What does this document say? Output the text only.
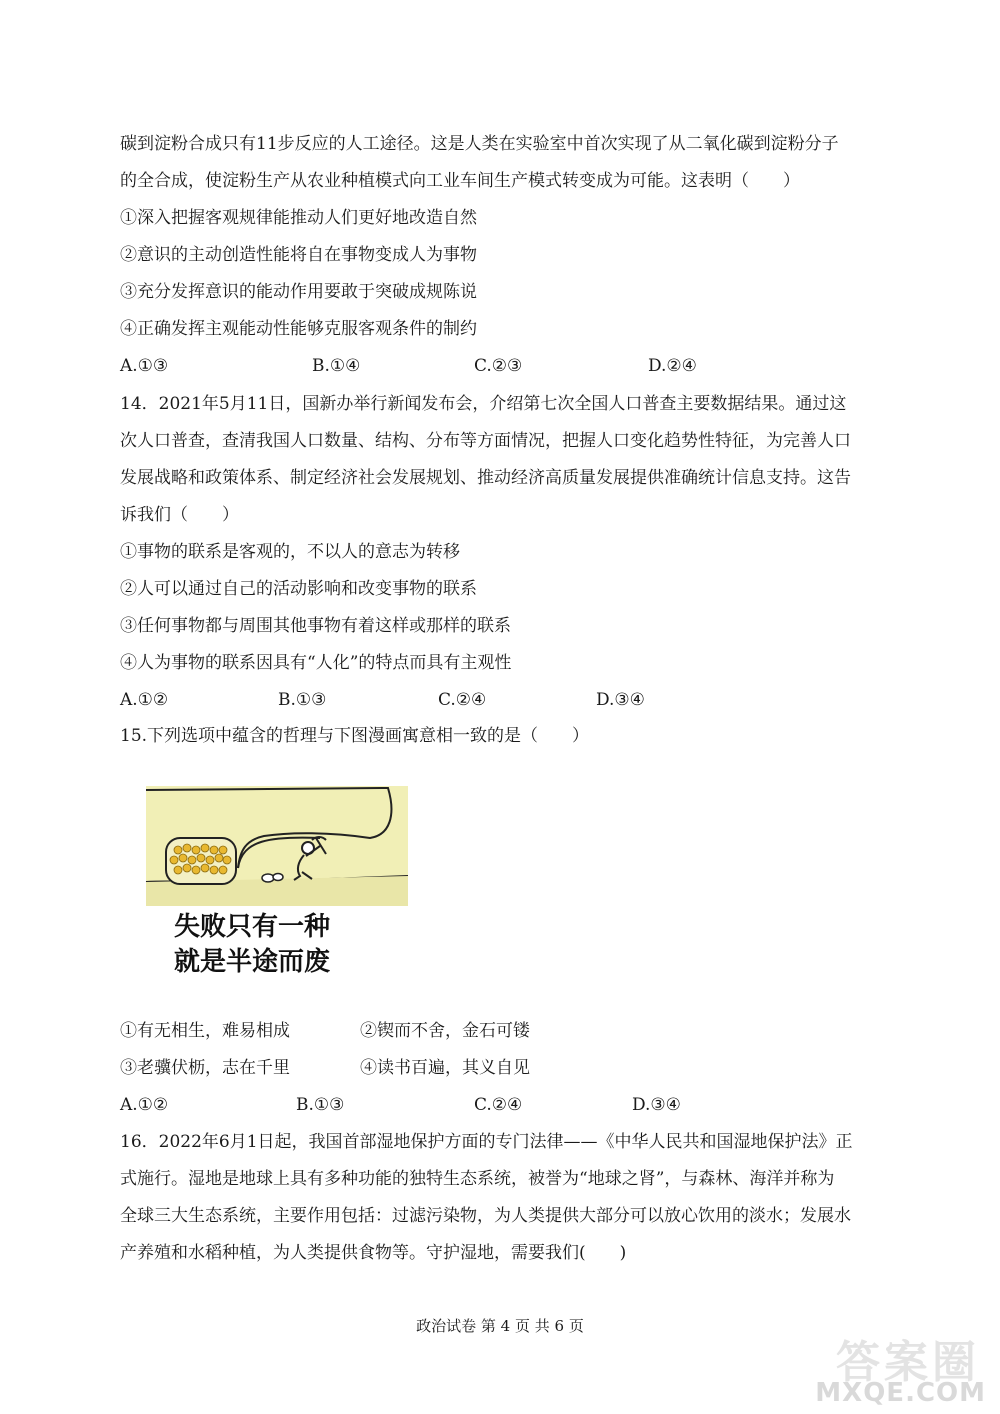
碳到淀粉合成只有11步反应的人工途径。这是人类在实验室中首次实现了从二氧化碳到淀粉分子
的全合成，使淀粉生产从农业种植模式向工业车间生产模式转变成为可能。这表明（　　）
①深入把握客观规律能推动人们更好地改造自然
②意识的主动创造性能将自在事物变成人为事物
③充分发挥意识的能动作用要敢于突破成规陈说
④正确发挥主观能动性能够克服客观条件的制约
A.①③	B.①④	C.②③	D.②④
14．2021年5月11日，国新办举行新闻发布会，介绍第七次全国人口普查主要数据结果。通过这
次人口普查，查清我国人口数量、结构、分布等方面情况，把握人口变化趋势性特征，为完善人口
发展战略和政策体系、制定经济社会发展规划、推动经济高质量发展提供准确统计信息支持。这告
诉我们（　　）
①事物的联系是客观的，不以人的意志为转移
②人可以通过自己的活动影响和改变事物的联系
③任何事物都与周围其他事物有着这样或那样的联系
④人为事物的联系因具有“人化”的特点而具有主观性
A.①②	B.①③	C.②④	D.③④
15.下列选项中蕴含的哲理与下图漫画寓意相一致的是（　　）
失败只有一种
就是半途而废
①有无相生，难易相成	②锲而不舍，金石可镂
③老骥伏枥，志在千里	④读书百遍，其义自见
A.①②	B.①③	C.②④	D.③④
16．2022年6月1日起，我国首部湿地保护方面的专门法律——《中华人民共和国湿地保护法》正
式施行。湿地是地球上具有多种功能的独特生态系统，被誉为“地球之肾”，与森林、海洋并称为
全球三大生态系统，主要作用包括：过滤污染物，为人类提供大部分可以放心饮用的淡水；发展水
产养殖和水稻种植，为人类提供食物等。守护湿地，需要我们(　　)
政治试卷 第 4 页 共 6 页
答案圈
MXQE.COM
